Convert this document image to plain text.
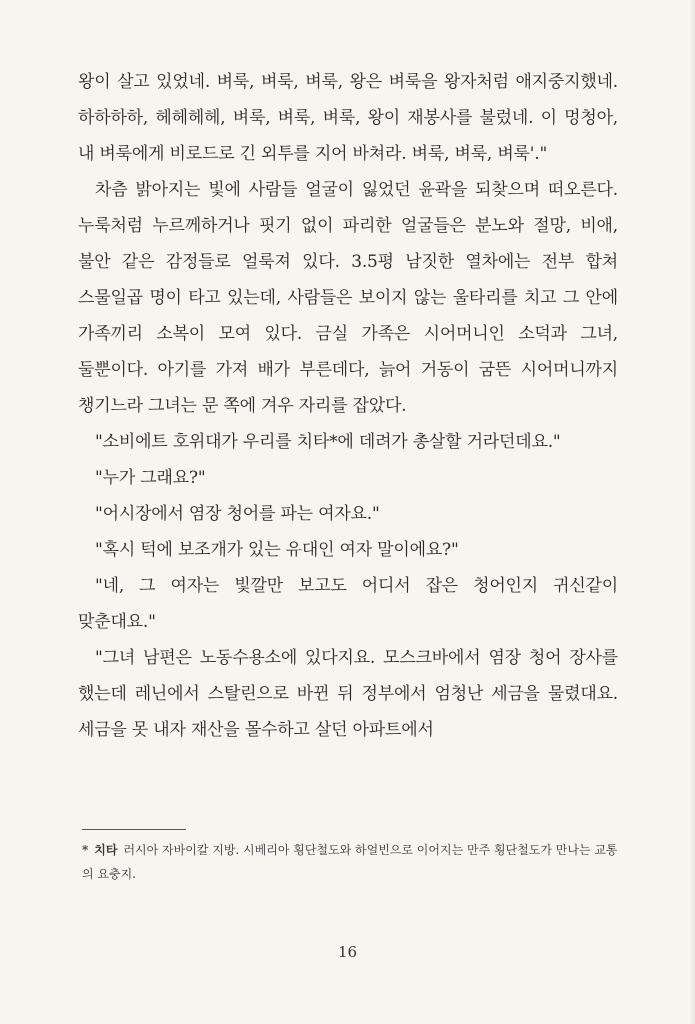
왕이 살고 있었네. 벼룩, 벼룩, 벼룩, 왕은 벼룩을 왕자처럼 애지중지했네. 하하하하, 헤헤헤헤, 벼룩, 벼룩, 벼룩, 왕이 재봉사를 불렀네. 이 멍청아, 내 벼룩에게 비로드로 긴 외투를 지어 바쳐라. 벼룩, 벼룩, 벼룩'."

차츰 밝아지는 빛에 사람들 얼굴이 잃었던 윤곽을 되찾으며 떠오른다. 누룩처럼 누르께하거나 핏기 없이 파리한 얼굴들은 분노와 절망, 비애, 불안 같은 감정들로 얼룩져 있다. 3.5평 남짓한 열차에는 전부 합쳐 스물일곱 명이 타고 있는데, 사람들은 보이지 않는 울타리를 치고 그 안에 가족끼리 소복이 모여 있다. 금실 가족은 시어머니인 소덕과 그녀, 둘뿐이다. 아기를 가져 배가 부른데다, 늙어 거동이 굼뜬 시어머니까지 챙기느라 그녀는 문 쪽에 겨우 자리를 잡았다.

"소비에트 호위대가 우리를 치타*에 데려가 총살할 거라던데요."

"누가 그래요?"

"어시장에서 염장 청어를 파는 여자요."

"혹시 턱에 보조개가 있는 유대인 여자 말이에요?"

"네, 그 여자는 빛깔만 보고도 어디서 잡은 청어인지 귀신같이 맞춘대요."

"그녀 남편은 노동수용소에 있다지요. 모스크바에서 염장 청어 장사를 했는데 레닌에서 스탈린으로 바뀐 뒤 정부에서 엄청난 세금을 물렸대요. 세금을 못 내자 재산을 몰수하고 살던 아파트에서

* 치타 러시아 자바이칼 지방. 시베리아 횡단철도와 하얼빈으로 이어지는 만주 횡단철도가 만나는 교통의 요충지.
16
